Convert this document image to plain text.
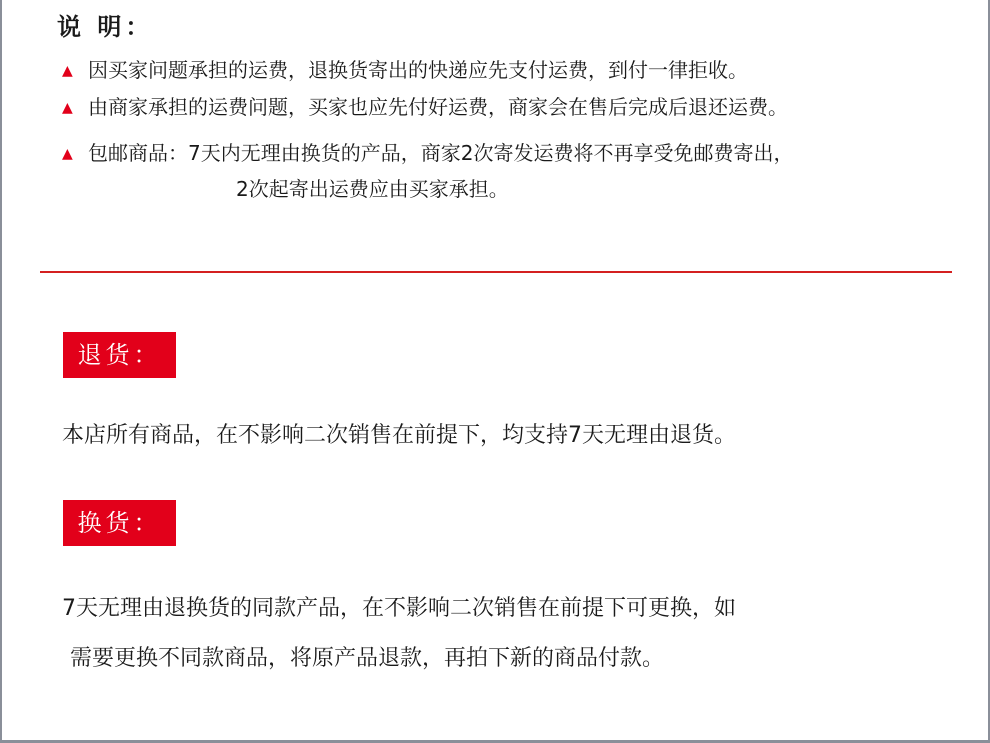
说 明：
▲ 因买家问题承担的运费，退换货寄出的快递应先支付运费，到付一律拒收。
▲ 由商家承担的运费问题，买家也应先付好运费，商家会在售后完成后退还运费。
▲ 包邮商品：7天内无理由换货的产品，商家2次寄发运费将不再享受免邮费寄出，
2次起寄出运费应由买家承担。
退货：
本店所有商品，在不影响二次销售在前提下，均支持7天无理由退货。
换货：
7天无理由退换货的同款产品，在不影响二次销售在前提下可更换，如
需要更换不同款商品，将原产品退款，再拍下新的商品付款。
